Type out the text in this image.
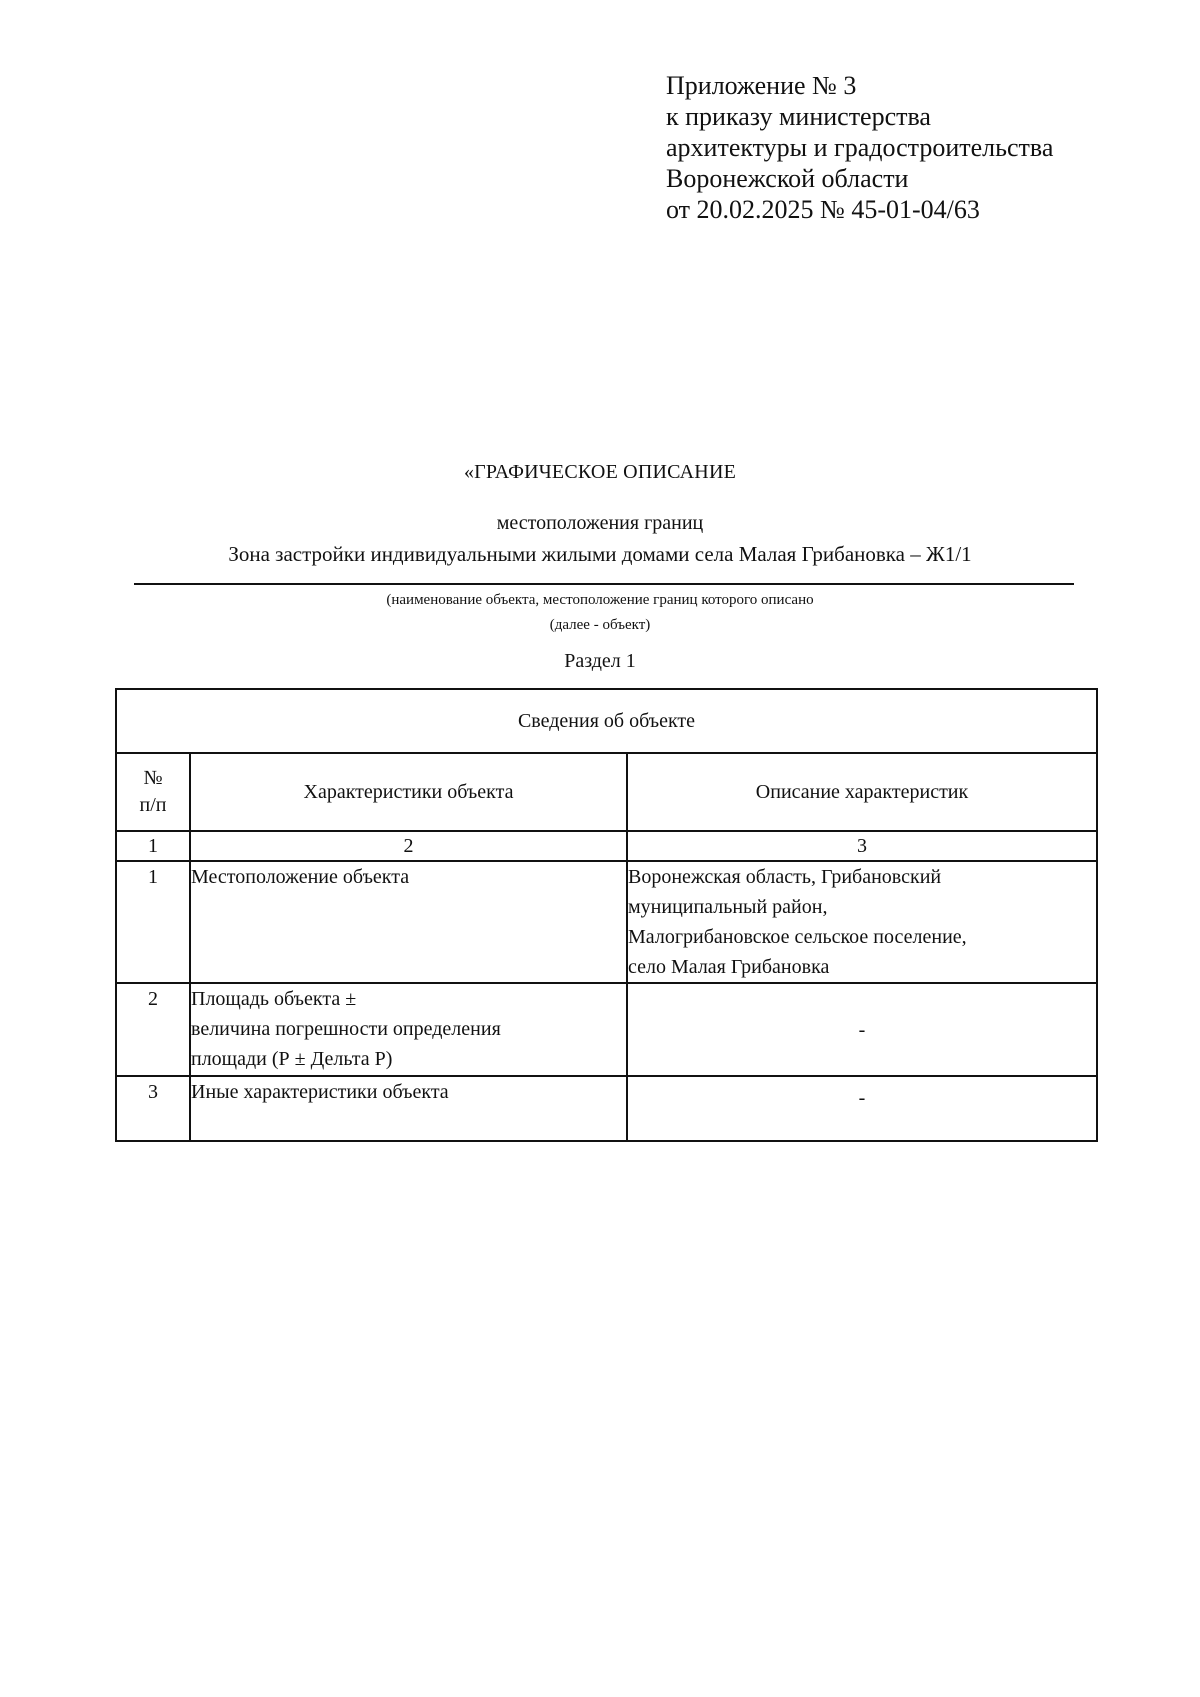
Приложение № 3
к приказу министерства
архитектуры и градостроительства
Воронежской области
от 20.02.2025 № 45-01-04/63
«ГРАФИЧЕСКОЕ ОПИСАНИЕ
местоположения границ
Зона застройки индивидуальными жилыми домами села Малая Грибановка – Ж1/1
(наименование объекта, местоположение границ которого описано
(далее - объект)
Раздел 1
Сведения об объекте		

№
п/п	Характеристики объекта	Описание характеристик
1	2	3
1	Местоположение объекта	Воронежская область, Грибановский
муниципальный район,
Малогрибановское сельское поселение,
село Малая Грибановка

2	Площадь объекта ±
величина погрешности определения
площади (Р ± Дельта Р)	-
3	Иные характеристики объекта	-
